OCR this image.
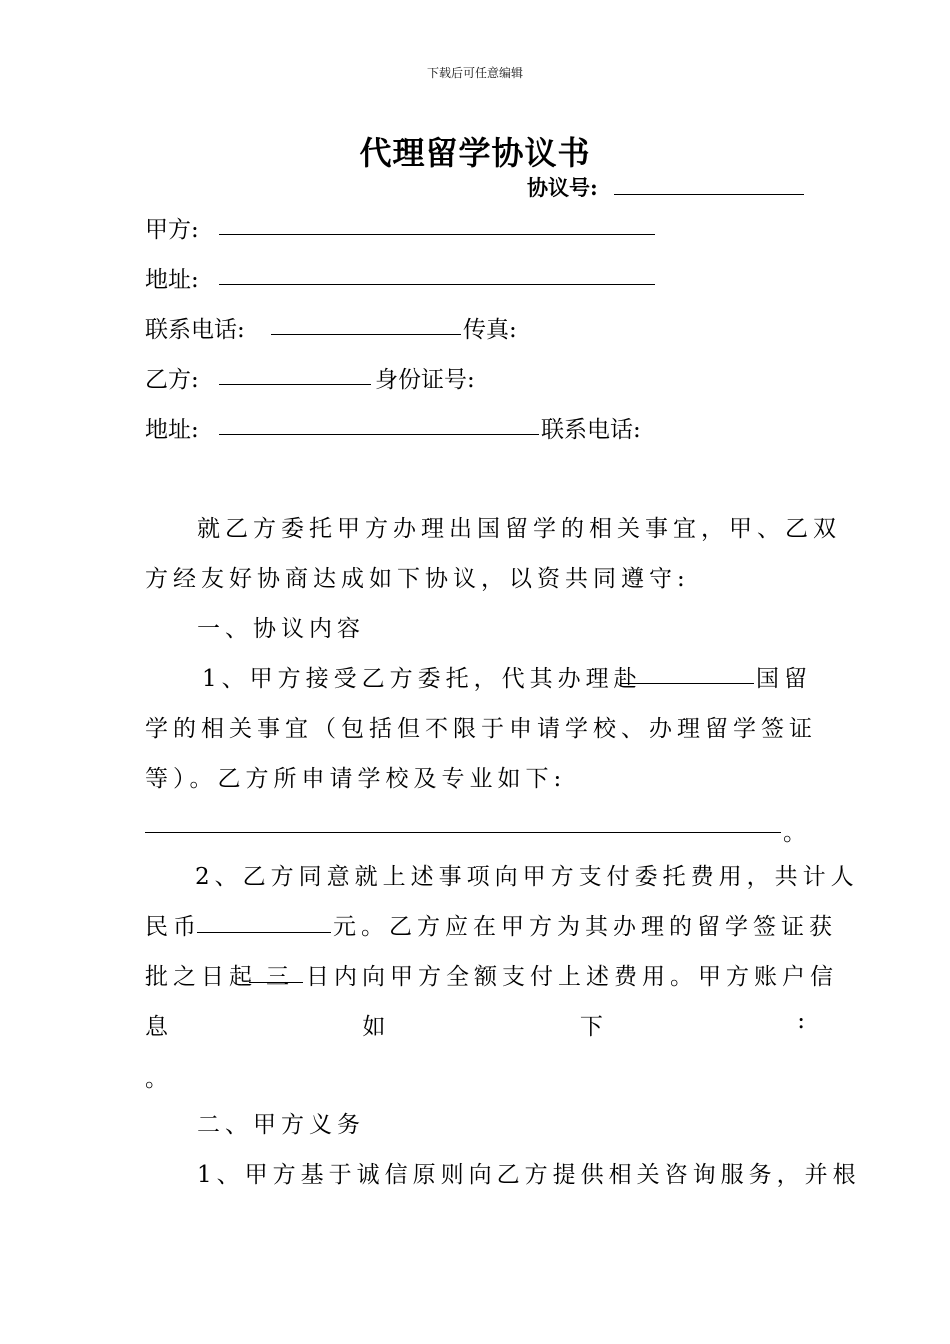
下载后可任意编辑
代理留学协议书
协议号:
甲方:
地址:
联系电话:	传真:
乙方:	身份证号:
地址:	联系电话:
就乙方委托甲方办理出国留学的相关事宜，甲、乙双
方经友好协商达成如下协议，以资共同遵守:
一、协议内容
1、甲方接受乙方委托，代其办理赴	国留
学的相关事宜（包括但不限于申请学校、办理留学签证
等）。乙方所申请学校及专业如下:
。
2、乙方同意就上述事项向甲方支付委托费用，共计人
民币	元。乙方应在甲方为其办理的留学签证获
批之日起 三 日内向甲方全额支付上述费用。甲方账户信
息	如	下	:
。
二、甲方义务
1、甲方基于诚信原则向乙方提供相关咨询服务，并根
